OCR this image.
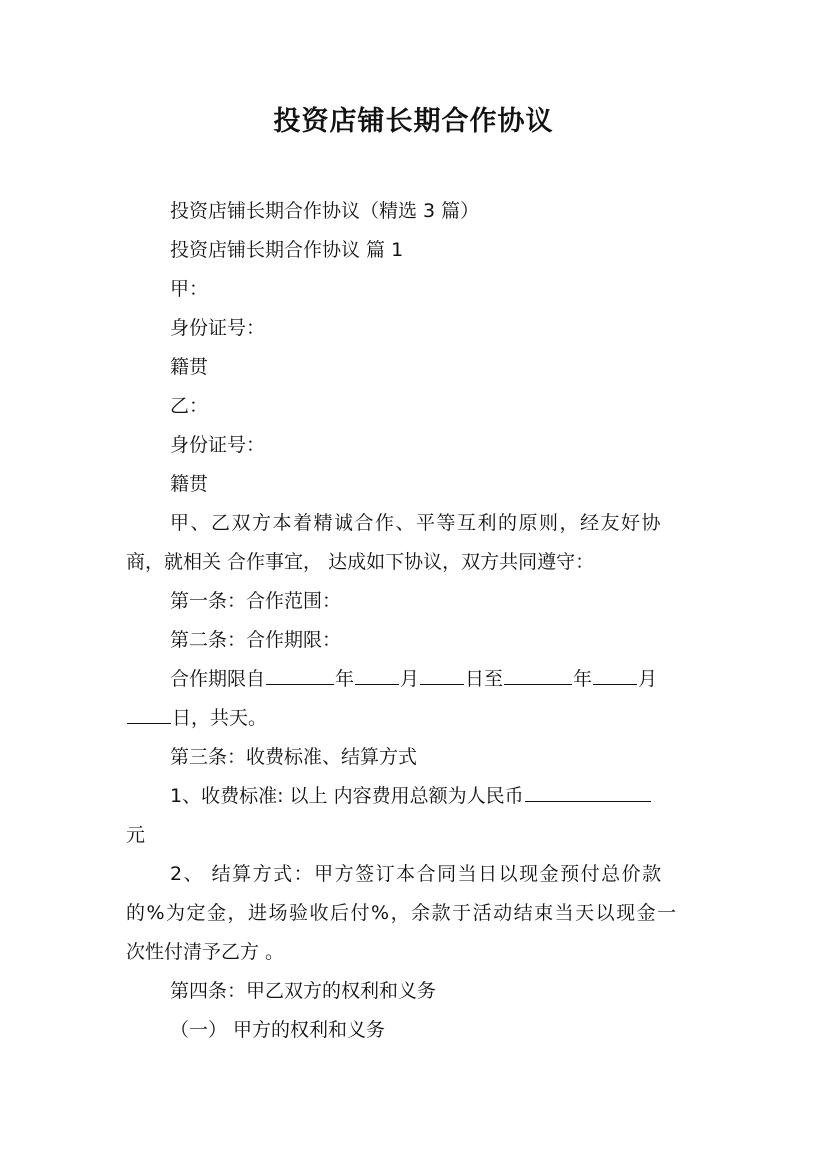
投资店铺长期合作协议
投资店铺长期合作协议（精选 3 篇）
投资店铺长期合作协议 篇 1
甲：
身份证号：
籍贯
乙：
身份证号：
籍贯
甲、乙双方本着精诚合作、平等互利的原则，经友好协
商，就相关 合作事宜， 达成如下协议，双方共同遵守：
第一条：合作范围：
第二条：合作期限：
合作期限自	年 月 日至	年 月
日，共天。
第三条：收费标准、结算方式
1、收费标准: 以上 内容费用总额为人民币
元
2、 结算方式：甲方签订本合同当日以现金预付总价款
的%为定金，进场验收后付%，余款于活动结束当天以现金一
次性付清予乙方 。
第四条：甲乙双方的权利和义务
（一） 甲方的权利和义务
